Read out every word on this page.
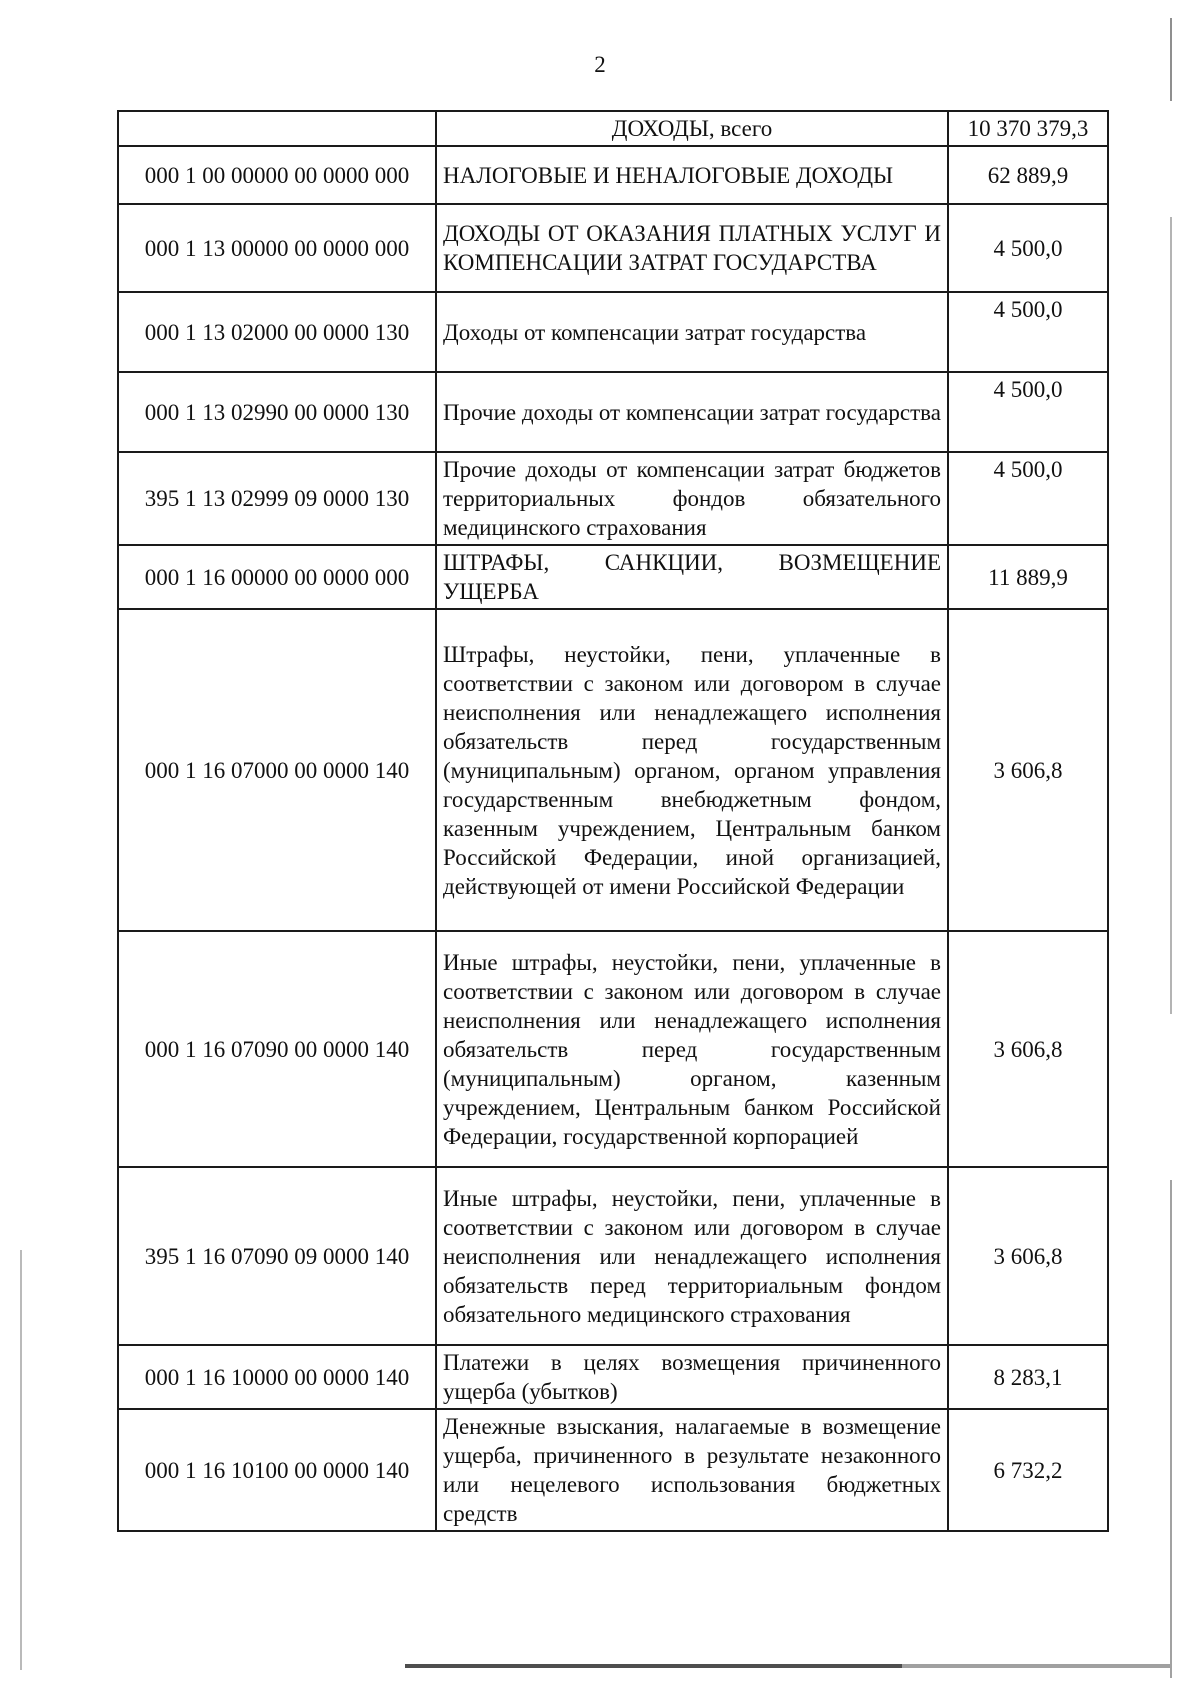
2
	ДОХОДЫ, всего	10 370 379,3
000 1 00 00000 00 0000 000	НАЛОГОВЫЕ И НЕНАЛОГОВЫЕ ДОХОДЫ	62 889,9
000 1 13 00000 00 0000 000	ДОХОДЫ ОТ ОКАЗАНИЯ ПЛАТНЫХ УСЛУГ И КОМПЕНСАЦИИ ЗАТРАТ ГОСУДАРСТВА	4 500,0
000 1 13 02000 00 0000 130	Доходы от компенсации затрат государства	4 500,0
000 1 13 02990 00 0000 130	Прочие доходы от компенсации затрат государства	4 500,0
395 1 13 02999 09 0000 130	Прочие доходы от компенсации затрат бюджетов территориальных фондов обязательного медицинского страхования	4 500,0
000 1 16 00000 00 0000 000	ШТРАФЫ, САНКЦИИ, ВОЗМЕЩЕНИЕ УЩЕРБА	11 889,9
000 1 16 07000 00 0000 140	Штрафы, неустойки, пени, уплаченные в соответствии с законом или договором в случае неисполнения или ненадлежащего исполнения обязательств перед государственным (муниципальным) органом, органом управления государственным внебюджетным фондом, казенным учреждением, Центральным банком Российской Федерации, иной организацией, действующей от имени Российской Федерации	3 606,8
000 1 16 07090 00 0000 140	Иные штрафы, неустойки, пени, уплаченные в соответствии с законом или договором в случае неисполнения или ненадлежащего исполнения обязательств перед государственным (муниципальным) органом, казенным учреждением, Центральным банком Российской Федерации, государственной корпорацией	3 606,8
395 1 16 07090 09 0000 140	Иные штрафы, неустойки, пени, уплаченные в соответствии с законом или договором в случае неисполнения или ненадлежащего исполнения обязательств перед территориальным фондом обязательного медицинского страхования	3 606,8
000 1 16 10000 00 0000 140	Платежи в целях возмещения причиненного ущерба (убытков)	8 283,1
000 1 16 10100 00 0000 140	Денежные взыскания, налагаемые в возмещение ущерба, причиненного в результате незаконного или нецелевого использования бюджетных средств	6 732,2
